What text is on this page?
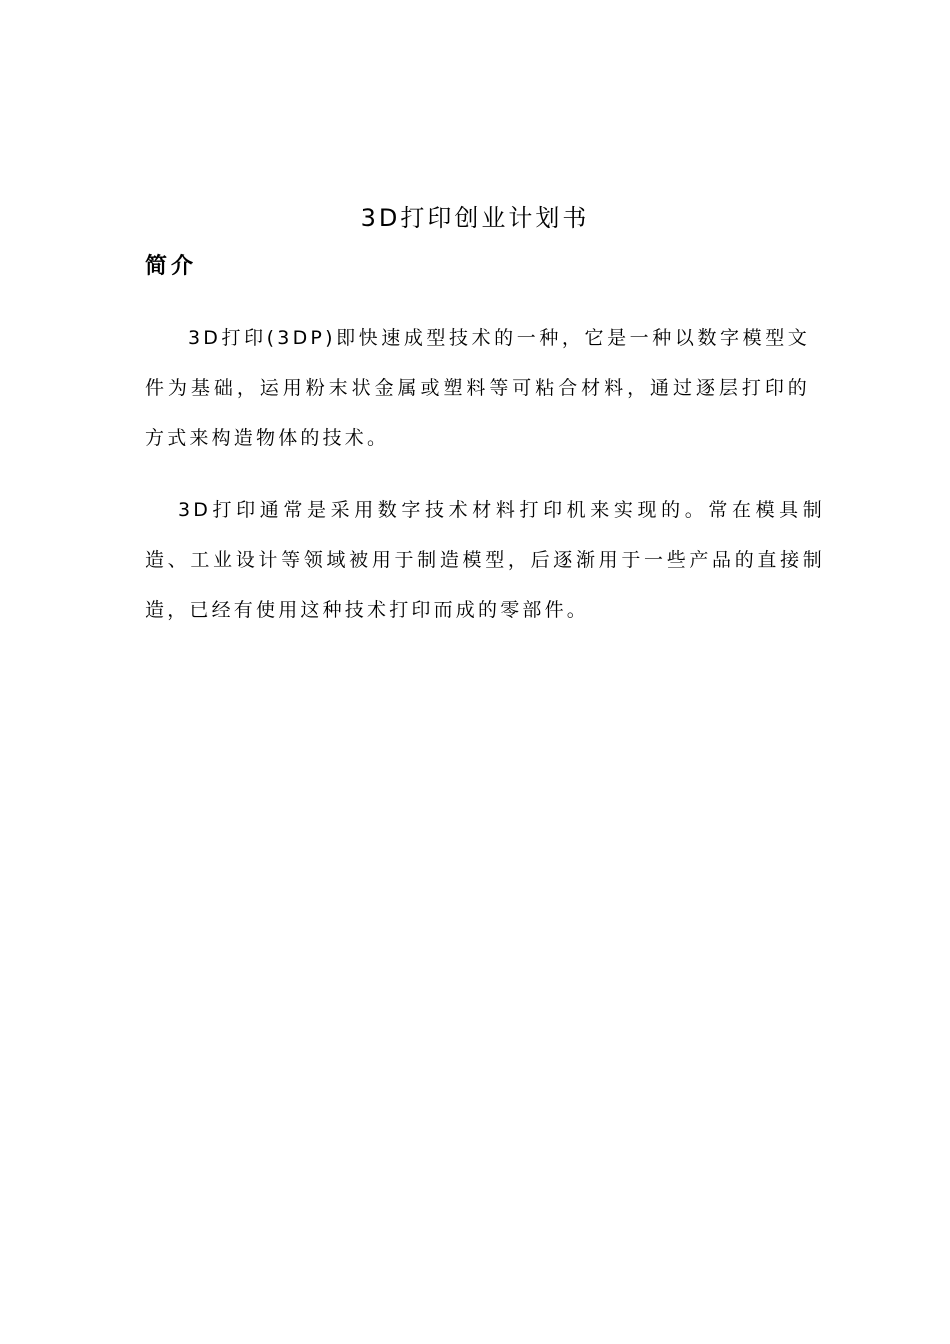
3D打印创业计划书
简介

3D打印(3DP)即快速成型技术的一种，它是一种以数字模型文件为基础，运用粉末状金属或塑料等可粘合材料，通过逐层打印的方式来构造物体的技术。

3D打印通常是采用数字技术材料打印机来实现的。常在模具制造、工业设计等领域被用于制造模型，后逐渐用于一些产品的直接制造，已经有使用这种技术打印而成的零部件。
